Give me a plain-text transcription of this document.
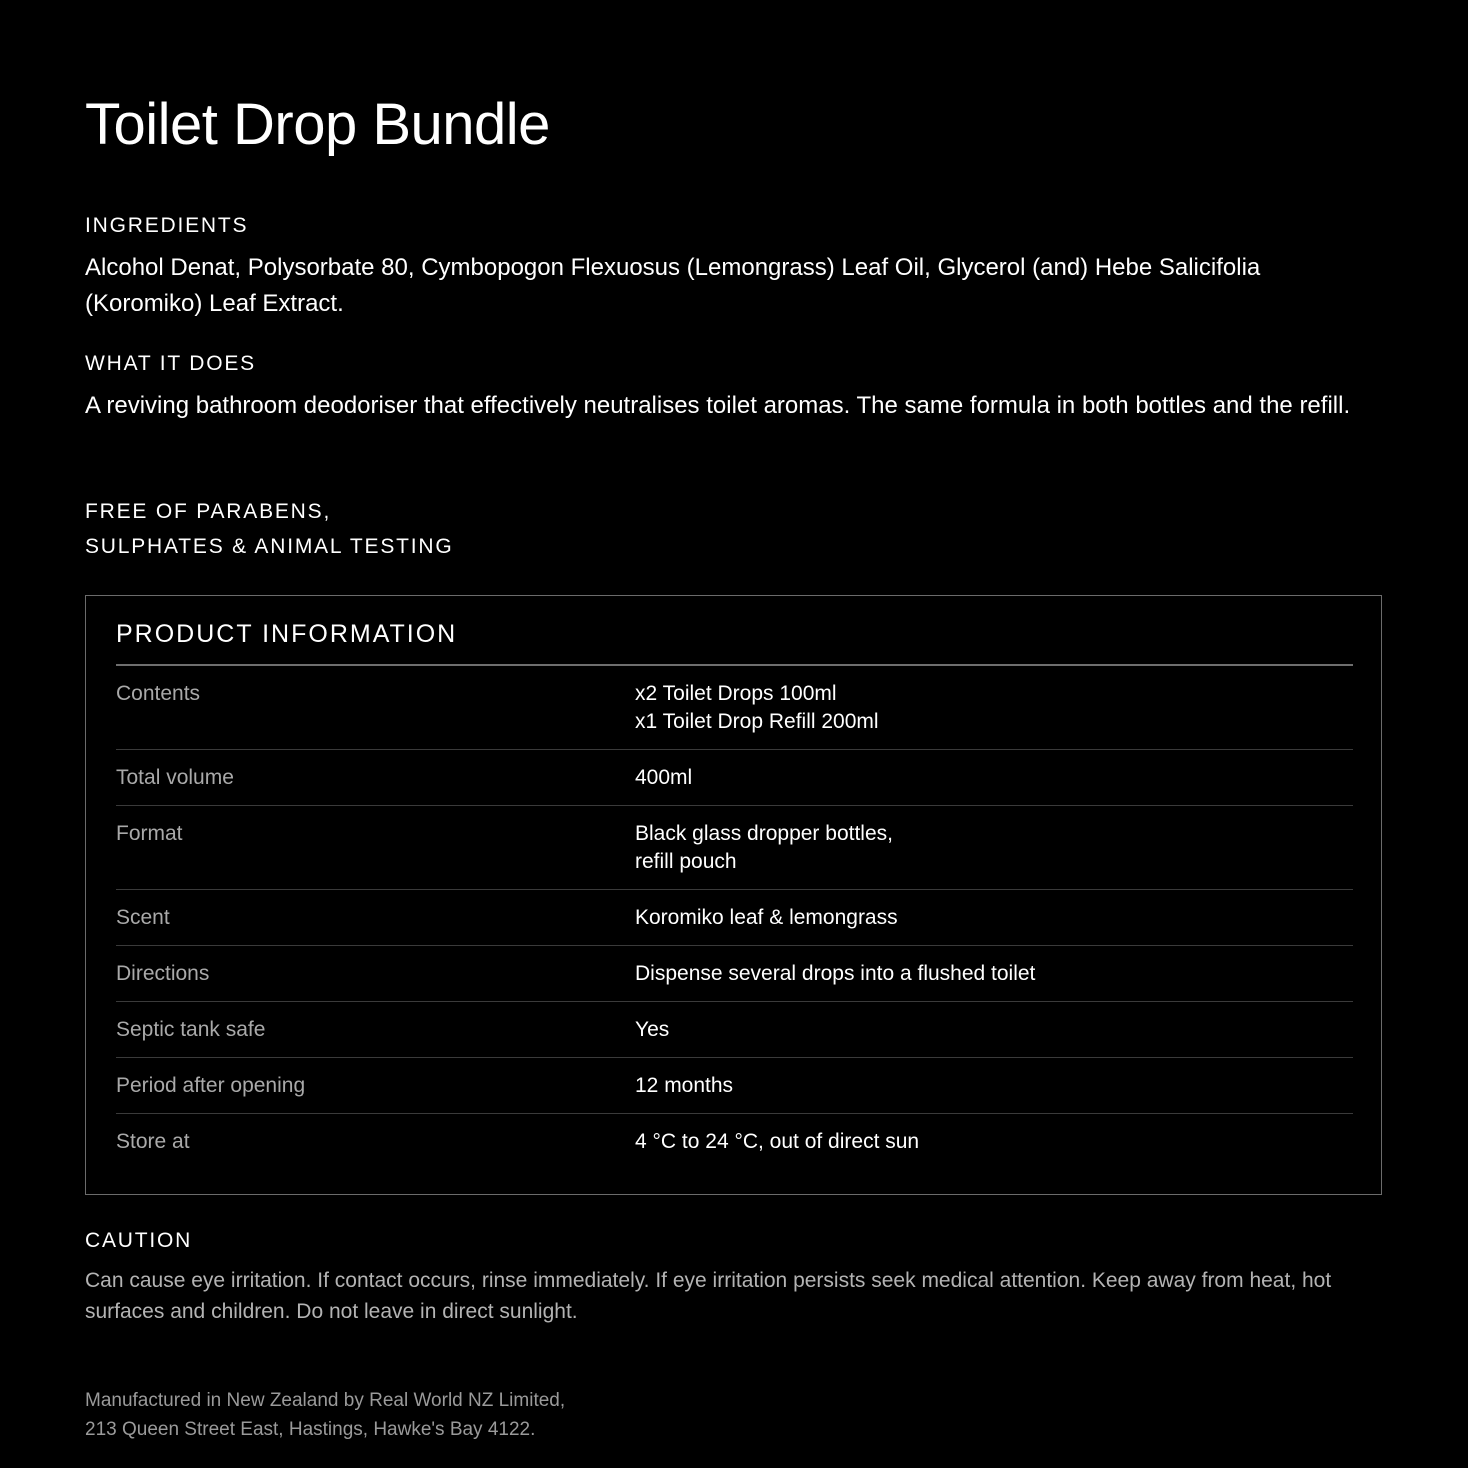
Toilet Drop Bundle
INGREDIENTS

Alcohol Denat, Polysorbate 80, Cymbopogon Flexuosus (Lemongrass) Leaf Oil, Glycerol (and) Hebe Salicifolia (Koromiko) Leaf Extract.

WHAT IT DOES

A reviving bathroom deodoriser that effectively neutralises toilet aromas. The same formula in both bottles and the refill.

FREE OF PARABENS,
SULPHATES & ANIMAL TESTING

PRODUCT INFORMATION
Contents	x2 Toilet Drops 100ml
x1 Toilet Drop Refill 200ml
Total volume	400ml
Format	Black glass dropper bottles,
refill pouch
Scent	Koromiko leaf & lemongrass
Directions	Dispense several drops into a flushed toilet
Septic tank safe	Yes
Period after opening	12 months
Store at	4 °C to 24 °C, out of direct sun
CAUTION

Can cause eye irritation. If contact occurs, rinse immediately. If eye irritation persists seek medical attention. Keep away from heat, hot surfaces and children. Do not leave in direct sunlight.

Manufactured in New Zealand by Real World NZ Limited,
213 Queen Street East, Hastings, Hawke's Bay 4122.
